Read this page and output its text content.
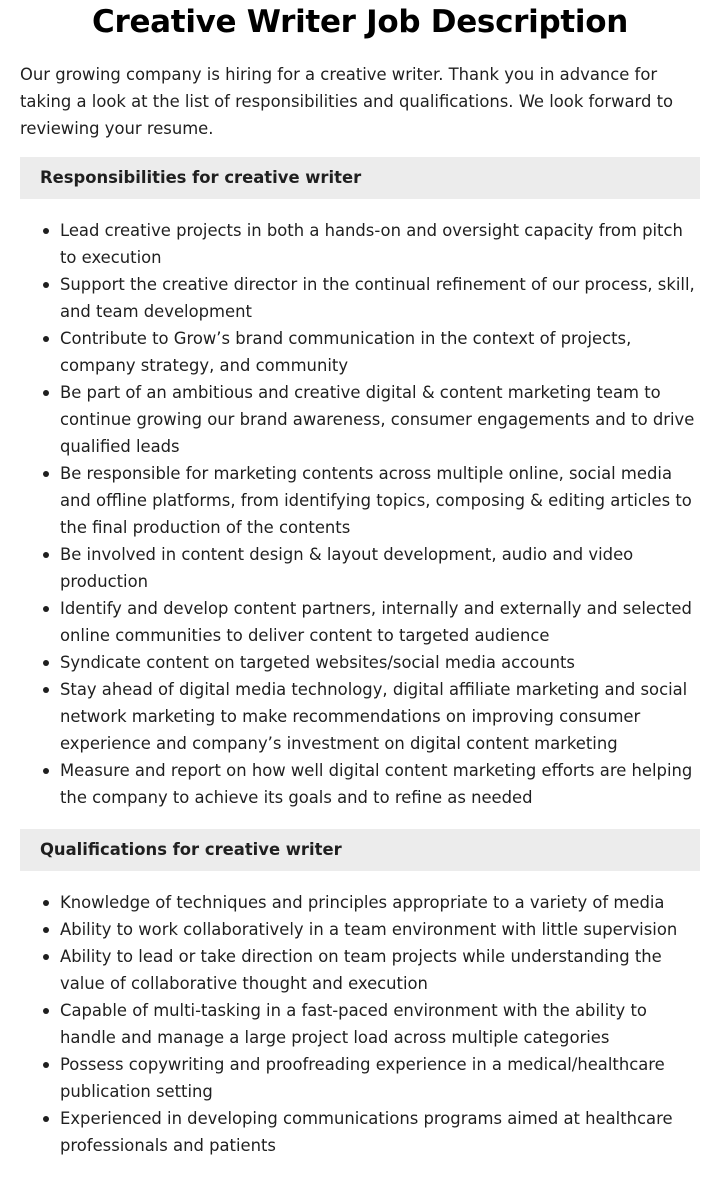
Creative Writer Job Description

Our growing company is hiring for a creative writer. Thank you in advance for taking a look at the list of responsibilities and qualifications. We look forward to reviewing your resume.

Responsibilities for creative writer
Lead creative projects in both a hands-on and oversight capacity from pitch to execution
Support the creative director in the continual refinement of our process, skill, and team development
Contribute to Grow’s brand communication in the context of projects, company strategy, and community
Be part of an ambitious and creative digital & content marketing team to continue growing our brand awareness, consumer engagements and to drive qualified leads
Be responsible for marketing contents across multiple online, social media and offline platforms, from identifying topics, composing & editing articles to the final production of the contents
Be involved in content design & layout development, audio and video production
Identify and develop content partners, internally and externally and selected online communities to deliver content to targeted audience
Syndicate content on targeted websites/social media accounts
Stay ahead of digital media technology, digital affiliate marketing and social network marketing to make recommendations on improving consumer experience and company’s investment on digital content marketing
Measure and report on how well digital content marketing efforts are helping the company to achieve its goals and to refine as needed
Qualifications for creative writer
Knowledge of techniques and principles appropriate to a variety of media
Ability to work collaboratively in a team environment with little supervision
Ability to lead or take direction on team projects while understanding the value of collaborative thought and execution
Capable of multi-tasking in a fast-paced environment with the ability to handle and manage a large project load across multiple categories
Possess copywriting and proofreading experience in a medical/healthcare publication setting
Experienced in developing communications programs aimed at healthcare professionals and patients
